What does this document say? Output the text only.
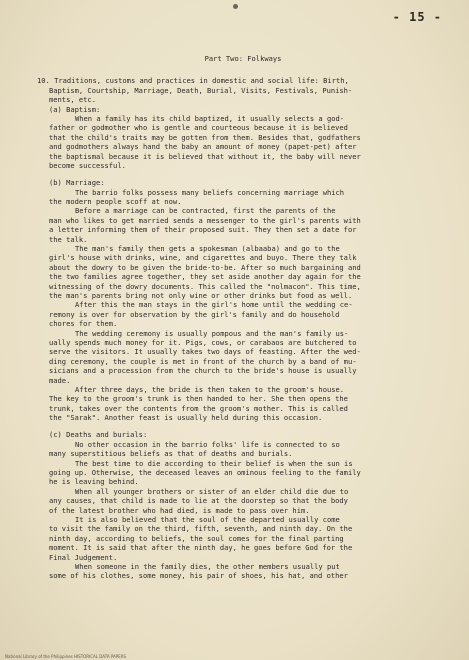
- 15 -
Part Two: Folkways
10. Traditions, customs and practices in domestic and social life: Birth,
Baptism, Courtship, Marriage, Death, Burial, Visits, Festivals, Punish-
ments, etc.
(a) Baptism:
When a family has its child baptized, it usually selects a god-
father or godmother who is gentle and courteous because it is believed
that the child's traits may be gotten from them. Besides that, godfathers
and godmothers always hand the baby an amount of money (papet-pet) after
the baptismal because it is believed that without it, the baby will never
become successful.
(b) Marriage:
The barrio folks possess many beliefs concerning marriage which
the modern people scoff at now.
Before a marriage can be contracted, first the parents of the
man who likes to get married sends a messenger to the girl's parents with
a letter informing them of their proposed suit. They then set a date for
the talk.
The man's family then gets a spokesman (albaaba) and go to the
girl's house with drinks, wine, and cigarettes and buyo. There they talk
about the dowry to be given the bride-to-be. After so much bargaining and
the two families agree together, they set aside another day again for the
witnessing of the dowry documents. This called the "nolmacon". This time,
the man's parents bring not only wine or other drinks but food as well.
After this the man stays in the girl's home until the wedding ce-
remony is over for observation by the girl's family and do household
chores for them.
The wedding ceremony is usually pompous and the man's family us-
ually spends much money for it. Pigs, cows, or carabaos are butchered to
serve the visitors. It usually takes two days of feasting. After the wed-
ding ceremony, the couple is met in front of the church by a band of mu-
sicians and a procession from the church to the bride's house is usually
made.
After three days, the bride is then taken to the groom's house.
The key to the groom's trunk is then handed to her. She then opens the
trunk, takes over the contents from the groom's mother. This is called
the "Sarak". Another feast is usually held during this occasion.
(c) Deaths and burials:
No other occasion in the barrio folks' life is connected to so
many superstitious beliefs as that of deaths and burials.
The best time to die according to their belief is when the sun is
going up. Otherwise, the deceased leaves an ominous feeling to the family
he is leaving behind.
When all younger brothers or sister of an elder child die due to
any causes, that child is made to lie at the doorstep so that the body
of the latest brother who had died, is made to pass over him.
It is also believed that the soul of the departed usually come
to visit the family on the third, fifth, seventh, and ninth day. On the
ninth day, according to beliefs, the soul comes for the final parting
moment. It is said that after the ninth day, he goes before God for the
Final Judgement.
When someone in the family dies, the other members usually put
some of his clothes, some money, his pair of shoes, his hat, and other
National Library of the Philippines HISTORICAL DATA PAPERS
